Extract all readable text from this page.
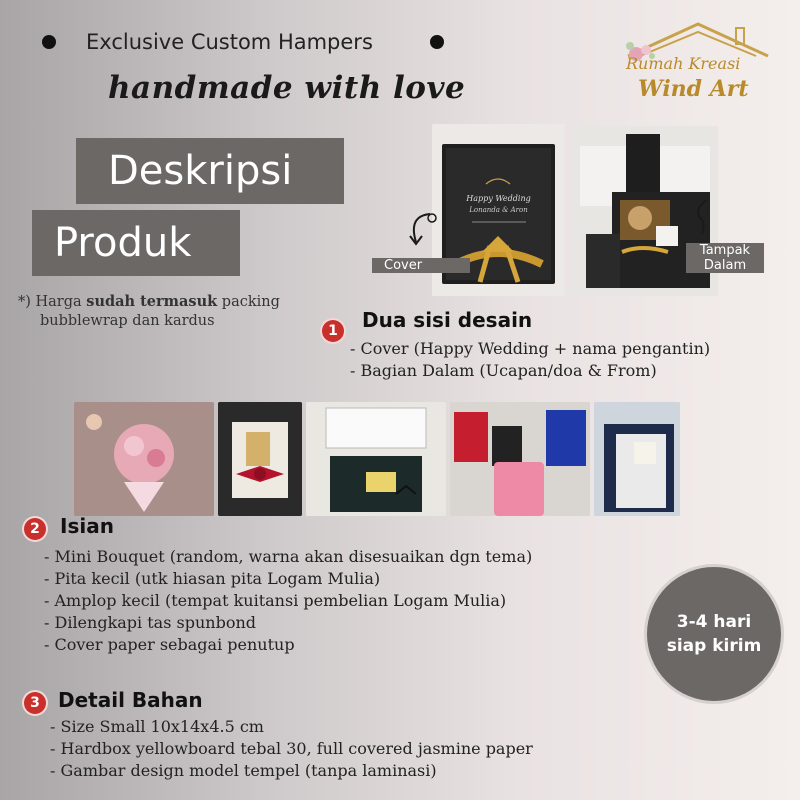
Exclusive Custom Hampers
handmade with love
Rumah Kreasi
Wind Art
Deskripsi
Produk
*) Harga sudah termasuk packing
bubblewrap dan kardus
Happy Wedding
Lonanda & Aron
Cover
Tampak
Dalam
1	Dua sisi desain
- Cover (Happy Wedding + nama pengantin)
- Bagian Dalam (Ucapan/doa & From)
2	Isian
- Mini Bouquet (random, warna akan disesuaikan dgn tema)
- Pita kecil (utk hiasan pita Logam Mulia)
- Amplop kecil (tempat kuitansi pembelian Logam Mulia)
- Dilengkapi tas spunbond
- Cover paper sebagai penutup
3-4 hari
siap kirim
3 Detail Bahan
- Size Small 10x14x4.5 cm
- Hardbox yellowboard tebal 30, full covered jasmine paper
- Gambar design model tempel (tanpa laminasi)
